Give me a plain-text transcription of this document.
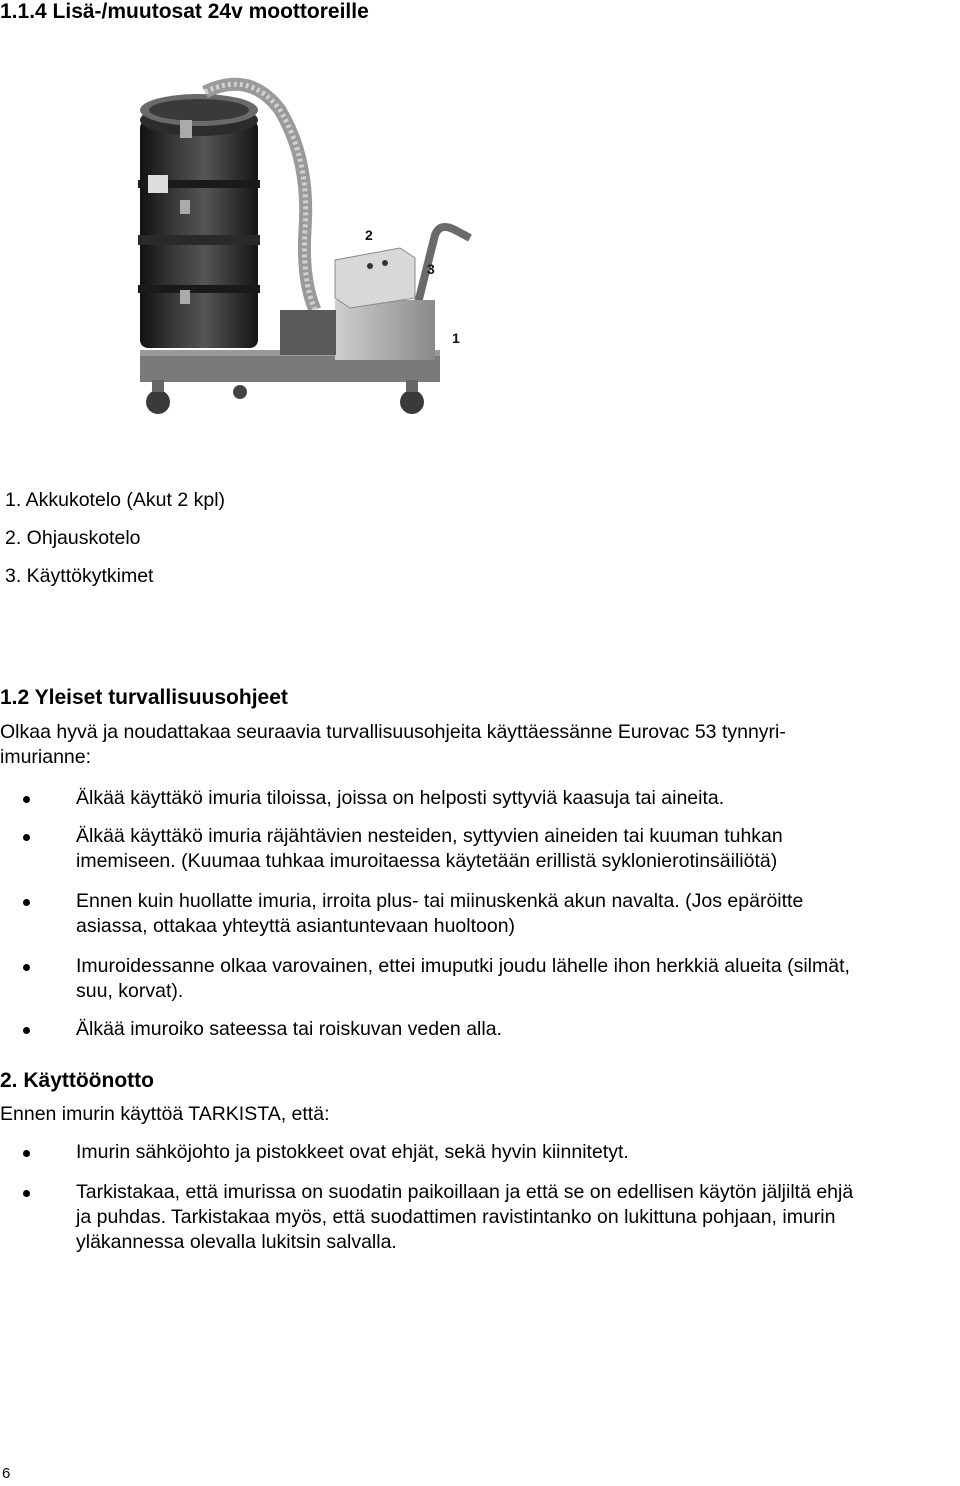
1.1.4 Lisä-/muutosat 24v moottoreille
2
3
1
1. Akkukotelo (Akut 2 kpl)
2. Ohjauskotelo
3. Käyttökytkimet
1.2 Yleiset turvallisuusohjeet
Olkaa hyvä ja noudattakaa seuraavia turvallisuusohjeita käyttäessänne Eurovac 53 tynnyri-
imurianne:
Älkää käyttäkö imuria tiloissa, joissa on helposti syttyviä kaasuja tai aineita.
Älkää käyttäkö imuria räjähtävien nesteiden, syttyvien aineiden tai kuuman tuhkan
imemiseen. (Kuumaa tuhkaa imuroitaessa käytetään erillistä syklonierotinsäiliötä)
Ennen kuin huollatte imuria, irroita plus- tai miinuskenkä akun navalta. (Jos epäröitte
asiassa, ottakaa yhteyttä asiantuntevaan huoltoon)
Imuroidessanne olkaa varovainen, ettei imuputki joudu lähelle ihon herkkiä alueita (silmät,
suu, korvat).
Älkää imuroiko sateessa tai roiskuvan veden alla.
2. Käyttöönotto
Ennen imurin käyttöä TARKISTA, että:
Imurin sähköjohto ja pistokkeet ovat ehjät, sekä hyvin kiinnitetyt.
Tarkistakaa, että imurissa on suodatin paikoillaan ja että se on edellisen käytön jäljiltä ehjä
ja puhdas. Tarkistakaa myös, että suodattimen ravistintanko on lukittuna pohjaan, imurin
yläkannessa olevalla lukitsin salvalla.
6
